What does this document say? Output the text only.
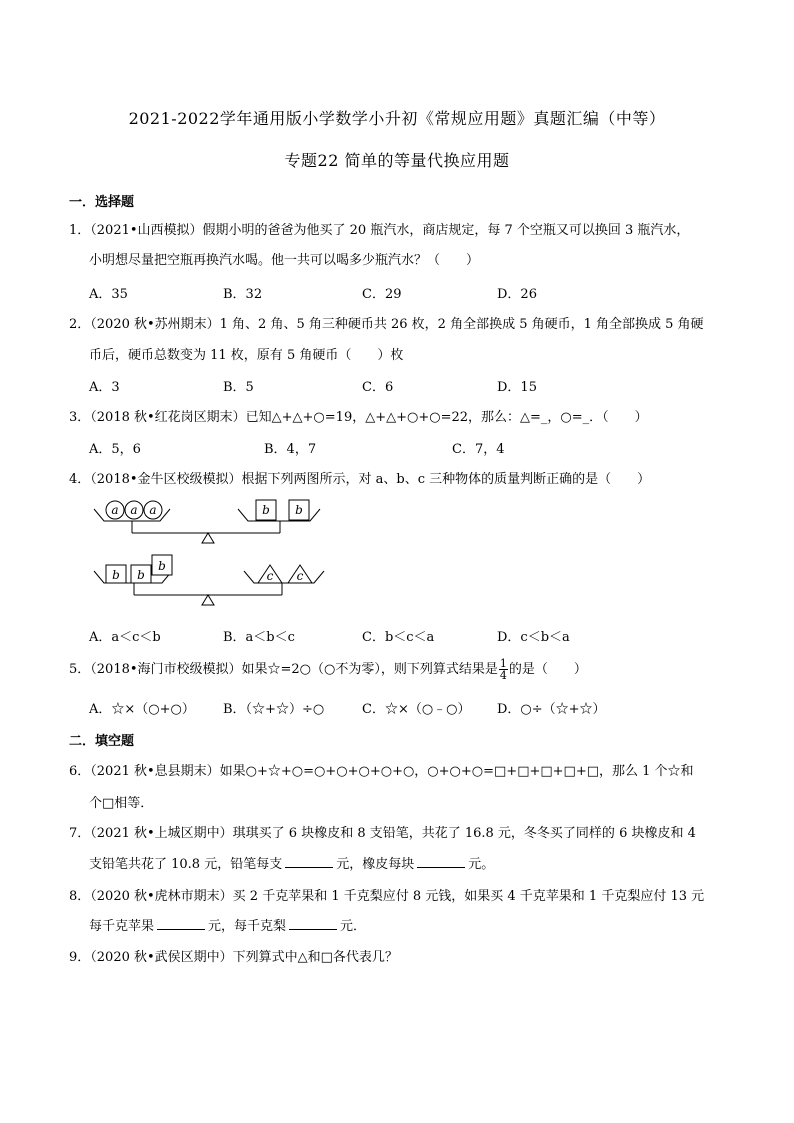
2021-2022学年通用版小学数学小升初《常规应用题》真题汇编（中等）
专题22 简单的等量代换应用题
一．选择题
1．（2021•山西模拟）假期小明的爸爸为他买了 20 瓶汽水，商店规定，每 7 个空瓶又可以换回 3 瓶汽水，
小明想尽量把空瓶再换汽水喝。他一共可以喝多少瓶汽水？（　　）
A．35	B．32	C．29	D．26
2．（2020 秋•苏州期末）1 角、2 角、5 角三种硬币共 26 枚，2 角全部换成 5 角硬币，1 角全部换成 5 角硬
币后，硬币总数变为 11 枚，原有 5 角硬币（　　）枚
A．3	B．5	C．6	D．15
3．（2018 秋•红花岗区期末）已知△+△+○=19，△+△+○+○=22，那么：△=_，○=_．（　　）
A．5，6	B．4，7	C．7，4
4．（2018•金牛区校级模拟）根据下列两图所示，对 a、b、c 三种物体的质量判断正确的是（　　）
a a a	b b
b b
b
c c
A．a＜c＜b	B．a＜b＜c	C．b＜c＜a	D．c＜b＜a
5．（2018•海门市校级模拟）如果☆=2○（○不为零），则下列算式结果是 $\frac{1}{4}$ 的是（　　）
A．☆×（○+○） B．（☆+☆）÷○	C．☆×（○﹣○） D．○÷（☆+☆）
二．填空题
6．（2021 秋•息县期末）如果○+☆+○=○+○+○+○+○，○+○+○=□+□+□+□+□，那么 1 个☆和
个□相等．
7．（2021 秋•上城区期中）琪琪买了 6 块橡皮和 8 支铅笔，共花了 16.8 元，冬冬买了同样的 6 块橡皮和 4
支铅笔共花了 10.8 元，铅笔每支	元，橡皮每块	元。
8．（2020 秋•虎林市期末）买 2 千克苹果和 1 千克梨应付 8 元钱，如果买 4 千克苹果和 1 千克梨应付 13 元
每千克苹果	元，每千克梨	元．
9．（2020 秋•武侯区期中）下列算式中△和□各代表几？
